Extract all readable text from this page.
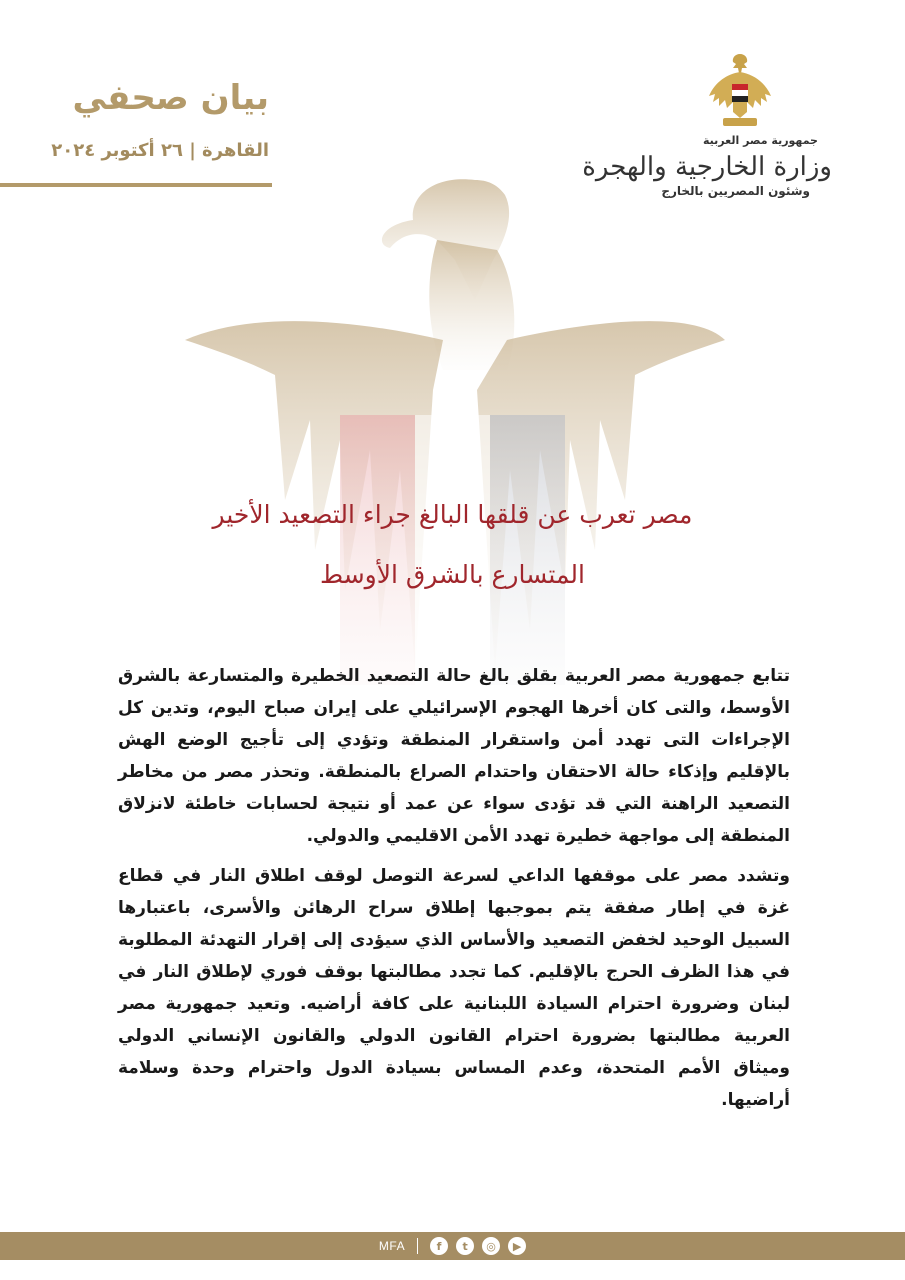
بيان صحفي
القاهرة | ٢٦ أكتوبر ٢٠٢٤	جمهورية مصر العربية
وزارة الخارجية والهجرة
وشئون المصريين بالخارج
مصر تعرب عن قلقها البالغ جراء التصعيد الأخير
المتسارع بالشرق الأوسط

تتابع جمهورية مصر العربية بقلق بالغ حالة التصعيد الخطيرة والمتسارعة بالشرق الأوسط، والتى كان أخرها الهجوم الإسرائيلي على إيران صباح اليوم، وتدين كل الإجراءات التى تهدد أمن واستقرار المنطقة وتؤدي إلى تأجيج الوضع الهش بالإقليم وإذكاء حالة الاحتقان واحتدام الصراع بالمنطقة. وتحذر مصر من مخاطر التصعيد الراهنة التي قد تؤدى سواء عن عمد أو نتيجة لحسابات خاطئة لانزلاق المنطقة إلى مواجهة خطيرة تهدد الأمن الاقليمي والدولي.

وتشدد مصر على موقفها الداعي لسرعة التوصل لوقف اطلاق النار في قطاع غزة في إطار صفقة يتم بموجبها إطلاق سراح الرهائن والأسرى، باعتبارها السبيل الوحيد لخفض التصعيد والأساس الذي سيؤدى إلى إقرار التهدئة المطلوبة في هذا الظرف الحرج بالإقليم. كما تجدد مطالبتها بوقف فوري لإطلاق النار في لبنان وضرورة احترام السيادة اللبنانية على كافة أراضيه. وتعيد جمهورية مصر العربية مطالبتها بضرورة احترام القانون الدولي والقانون الإنساني الدولي وميثاق الأمم المتحدة، وعدم المساس بسيادة الدول واحترام وحدة وسلامة أراضيها.

MFA	f	t	◎	▶
